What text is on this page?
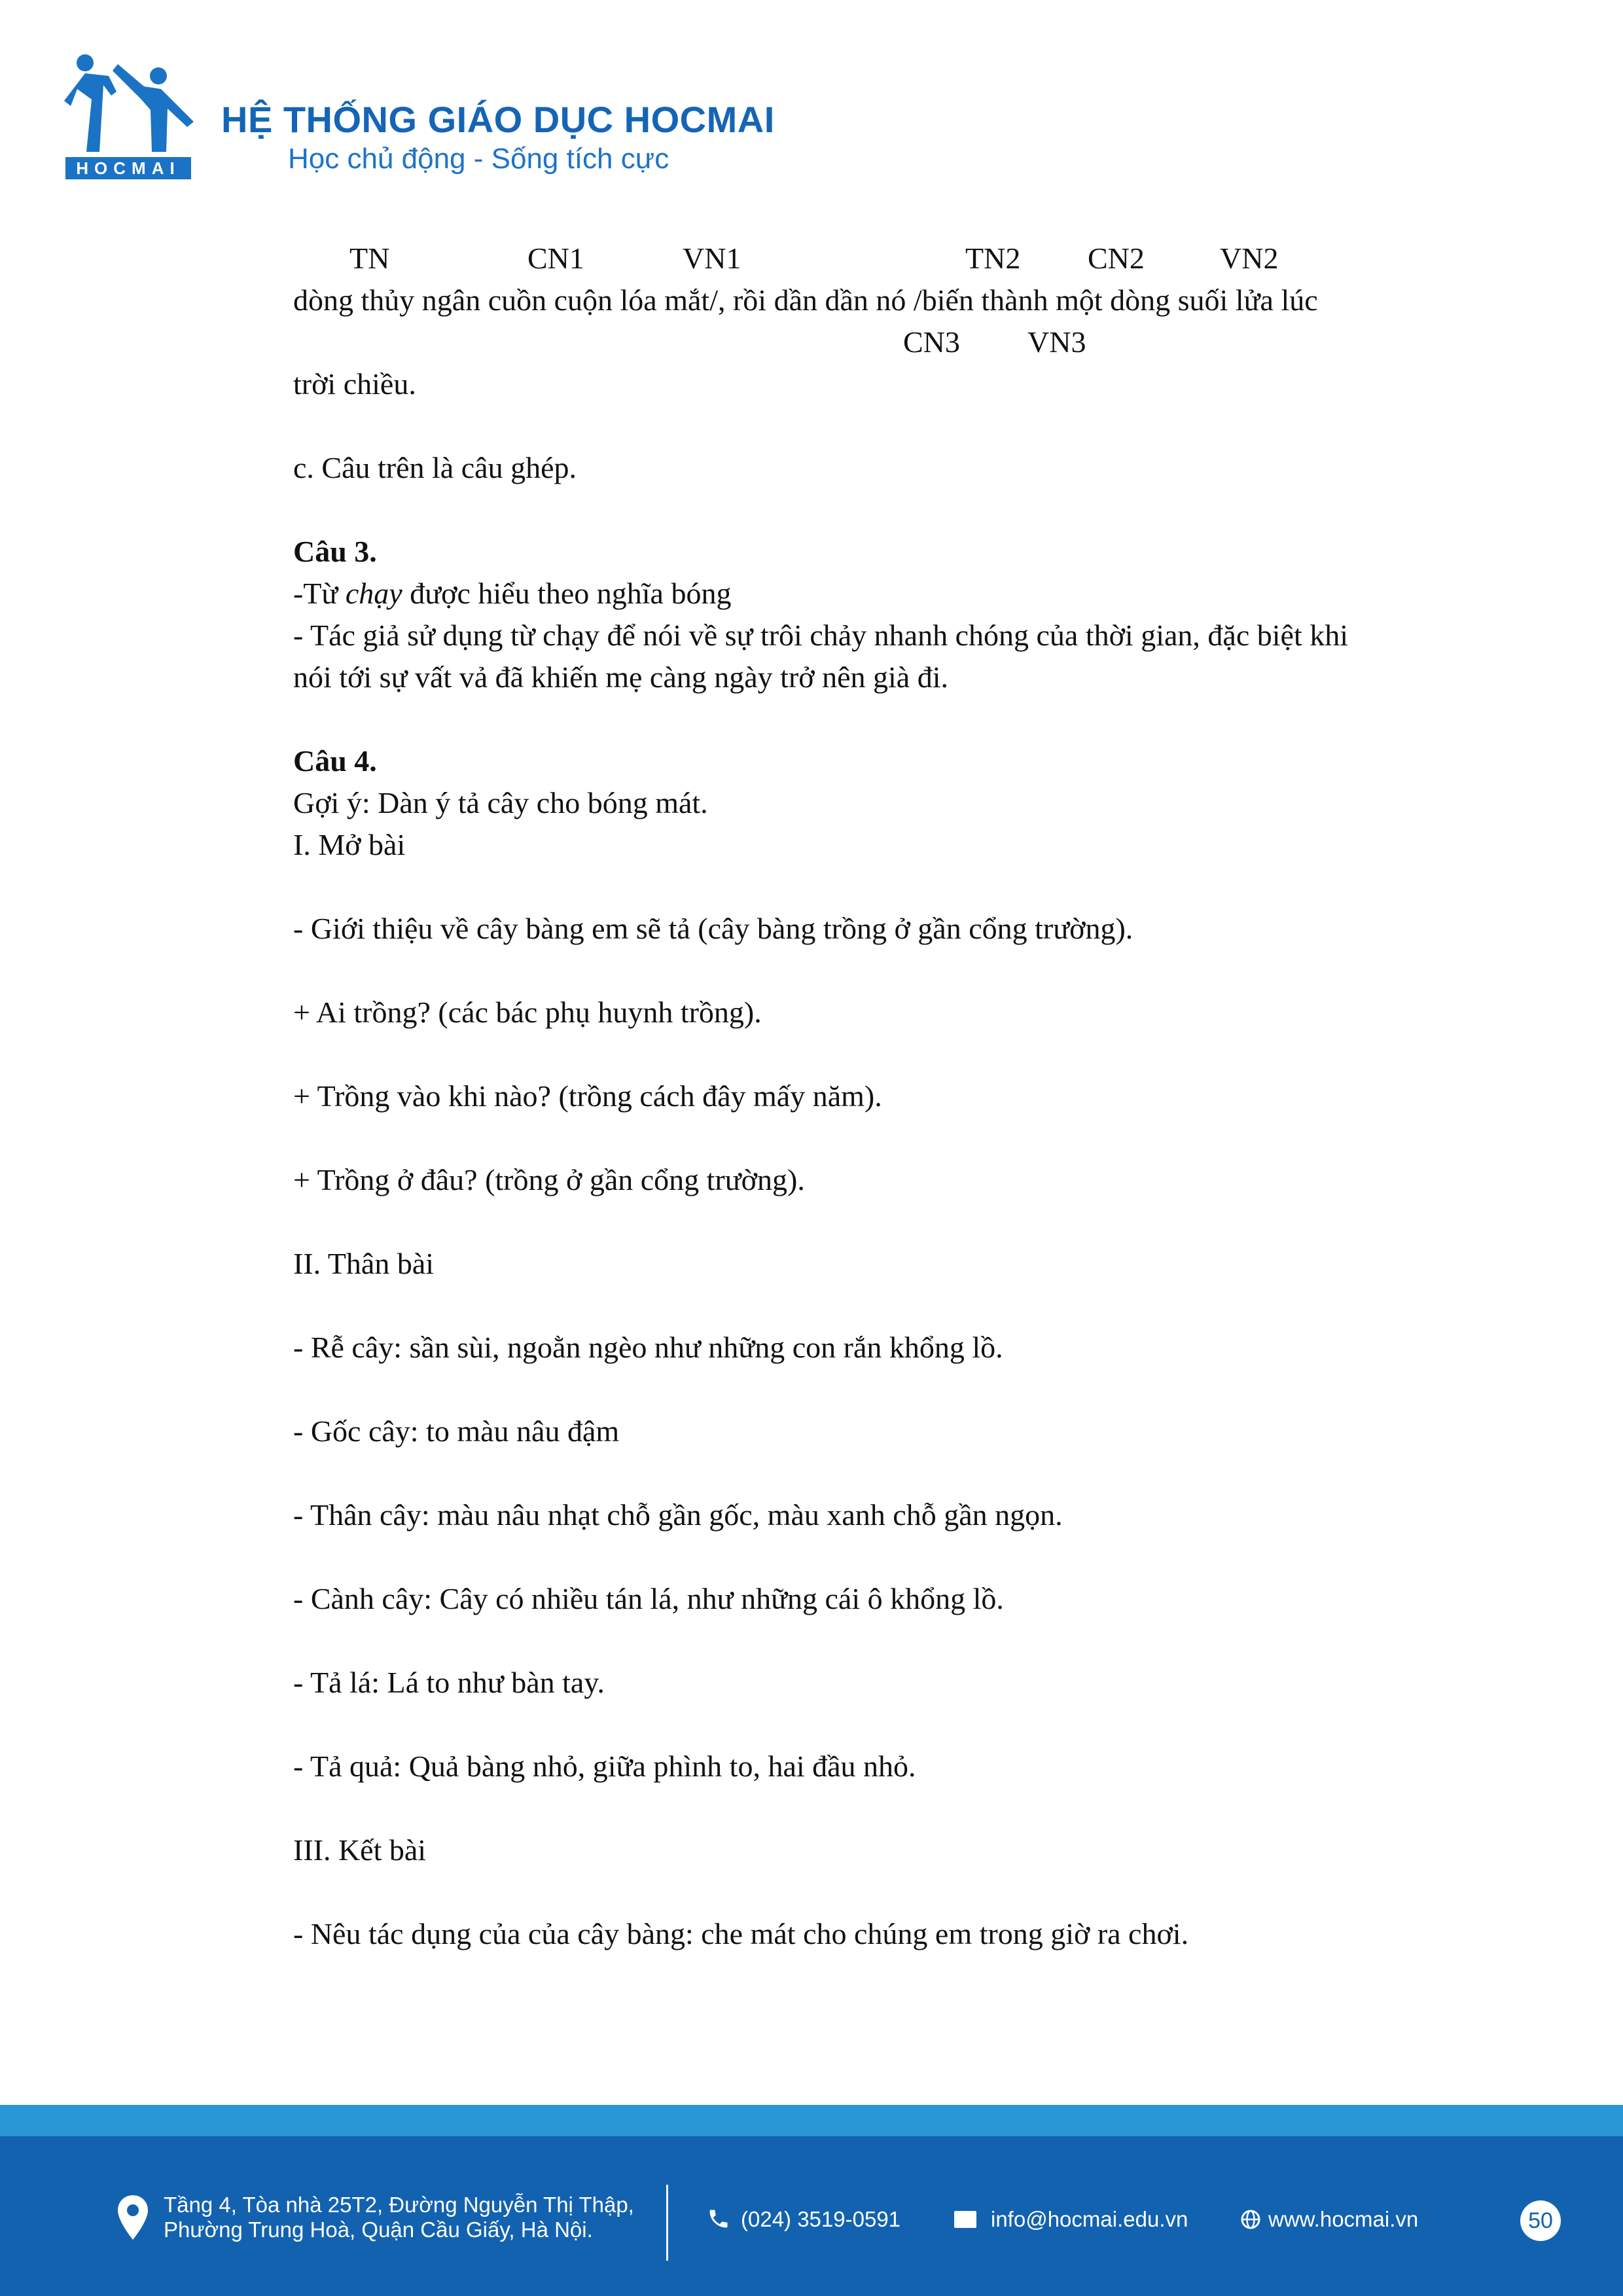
HOCMAI
HỆ THỐNG GIÁO DỤC HOCMAI
Học chủ động - Sống tích cực
TN	CN1	VN1	TN2 CN2	VN2
dòng thủy ngân cuồn cuộn lóa mắt/, rồi dần dần nó /biến thành một dòng suối lửa lúc
CN3 VN3
trời chiều.
c. Câu trên là câu ghép.
Câu 3.
-Từ chạy được hiểu theo nghĩa bóng
- Tác giả sử dụng từ chạy để nói về sự trôi chảy nhanh chóng của thời gian, đặc biệt khi
nói tới sự vất vả đã khiến mẹ càng ngày trở nên già đi.
Câu 4.
Gợi ý: Dàn ý tả cây cho bóng mát.
I. Mở bài
- Giới thiệu về cây bàng em sẽ tả (cây bàng trồng ở gần cổng trường).
+ Ai trồng? (các bác phụ huynh trồng).
+ Trồng vào khi nào? (trồng cách đây mấy năm).
+ Trồng ở đâu? (trồng ở gần cổng trường).
II. Thân bài
- Rễ cây: sần sùi, ngoằn ngèo như những con rắn khổng lồ.
- Gốc cây: to màu nâu đậm
- Thân cây: màu nâu nhạt chỗ gần gốc, màu xanh chỗ gần ngọn.
- Cành cây: Cây có nhiều tán lá, như những cái ô khổng lồ.
- Tả lá: Lá to như bàn tay.
- Tả quả: Quả bàng nhỏ, giữa phình to, hai đầu nhỏ.
III. Kết bài
- Nêu tác dụng của của cây bàng: che mát cho chúng em trong giờ ra chơi.
Tầng 4, Tòa nhà 25T2, Đường Nguyễn Thị Thập,
Phường Trung Hoà, Quận Cầu Giấy, Hà Nội.	(024) 3519-0591	info@hocmai.edu.vn	www.hocmai.vn	50
